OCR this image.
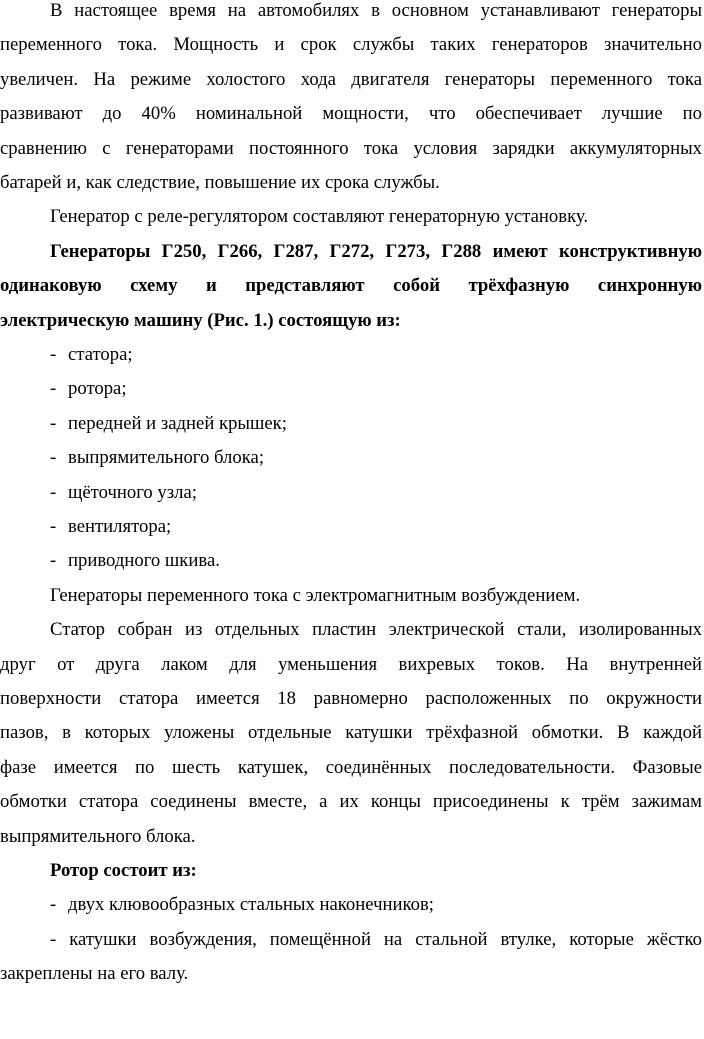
В настоящее время на автомобилях в основном устанавливают генераторы
переменного тока. Мощность и срок службы таких генераторов значительно
увеличен. На режиме холостого хода двигателя генераторы переменного тока
развивают до 40% номинальной мощности, что обеспечивает лучшие по
сравнению с генераторами постоянного тока условия зарядки аккумуляторных
батарей и, как следствие, повышение их срока службы.
Генератор с реле-регулятором составляют генераторную установку.
Генераторы Г250, Г266, Г287, Г272, Г273, Г288 имеют конструктивную
одинаковую схему и представляют собой трёхфазную синхронную
электрическую машину (Рис. 1.) состоящую из:
- статора;
- ротора;
- передней и задней крышек;
- выпрямительного блока;
- щёточного узла;
- вентилятора;
- приводного шкива.
Генераторы переменного тока с электромагнитным возбуждением.
Статор собран из отдельных пластин электрической стали, изолированных
друг от друга лаком для уменьшения вихревых токов. На внутренней
поверхности статора имеется 18 равномерно расположенных по окружности
пазов, в которых уложены отдельные катушки трёхфазной обмотки. В каждой
фазе имеется по шесть катушек, соединённых последовательности. Фазовые
обмотки статора соединены вместе, а их концы присоединены к трём зажимам
выпрямительного блока.
Ротор состоит из:
- двух клювообразных стальных наконечников;
- катушки возбуждения, помещённой на стальной втулке, которые жёстко
закреплены на его валу.
